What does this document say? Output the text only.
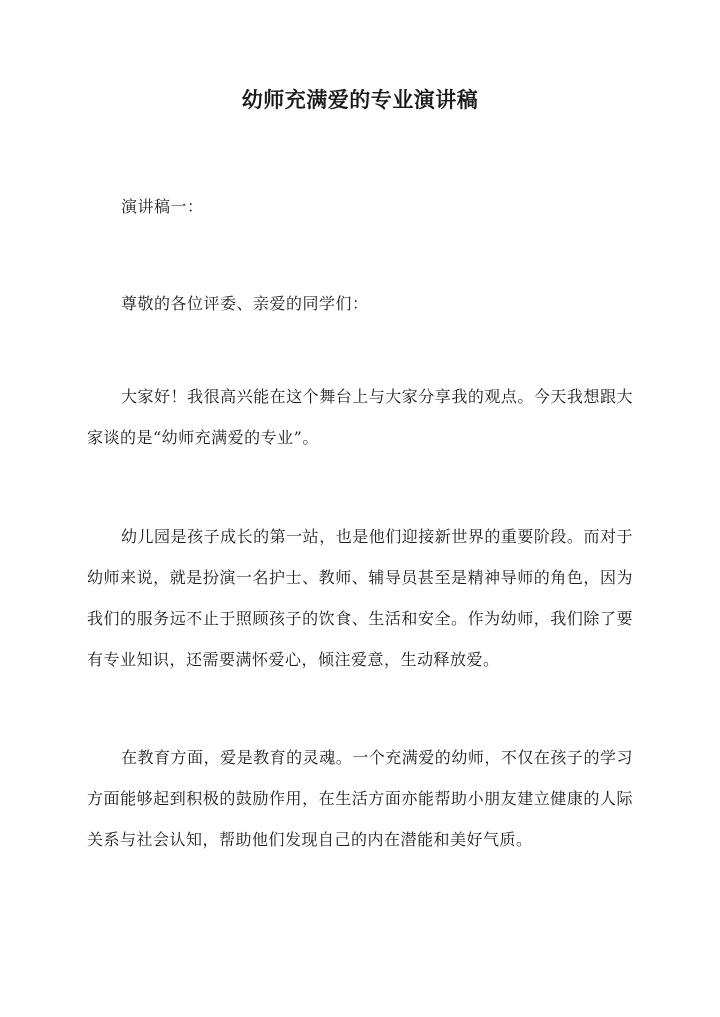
幼师充满爱的专业演讲稿

演讲稿一：

尊敬的各位评委、亲爱的同学们：

大家好！我很高兴能在这个舞台上与大家分享我的观点。今天我想跟大家谈的是“幼师充满爱的专业”。

幼儿园是孩子成长的第一站，也是他们迎接新世界的重要阶段。而对于幼师来说，就是扮演一名护士、教师、辅导员甚至是精神导师的角色，因为我们的服务远不止于照顾孩子的饮食、生活和安全。作为幼师，我们除了要有专业知识，还需要满怀爱心，倾注爱意，生动释放爱。

在教育方面，爱是教育的灵魂。一个充满爱的幼师，不仅在孩子的学习方面能够起到积极的鼓励作用，在生活方面亦能帮助小朋友建立健康的人际关系与社会认知，帮助他们发现自己的内在潜能和美好气质。
